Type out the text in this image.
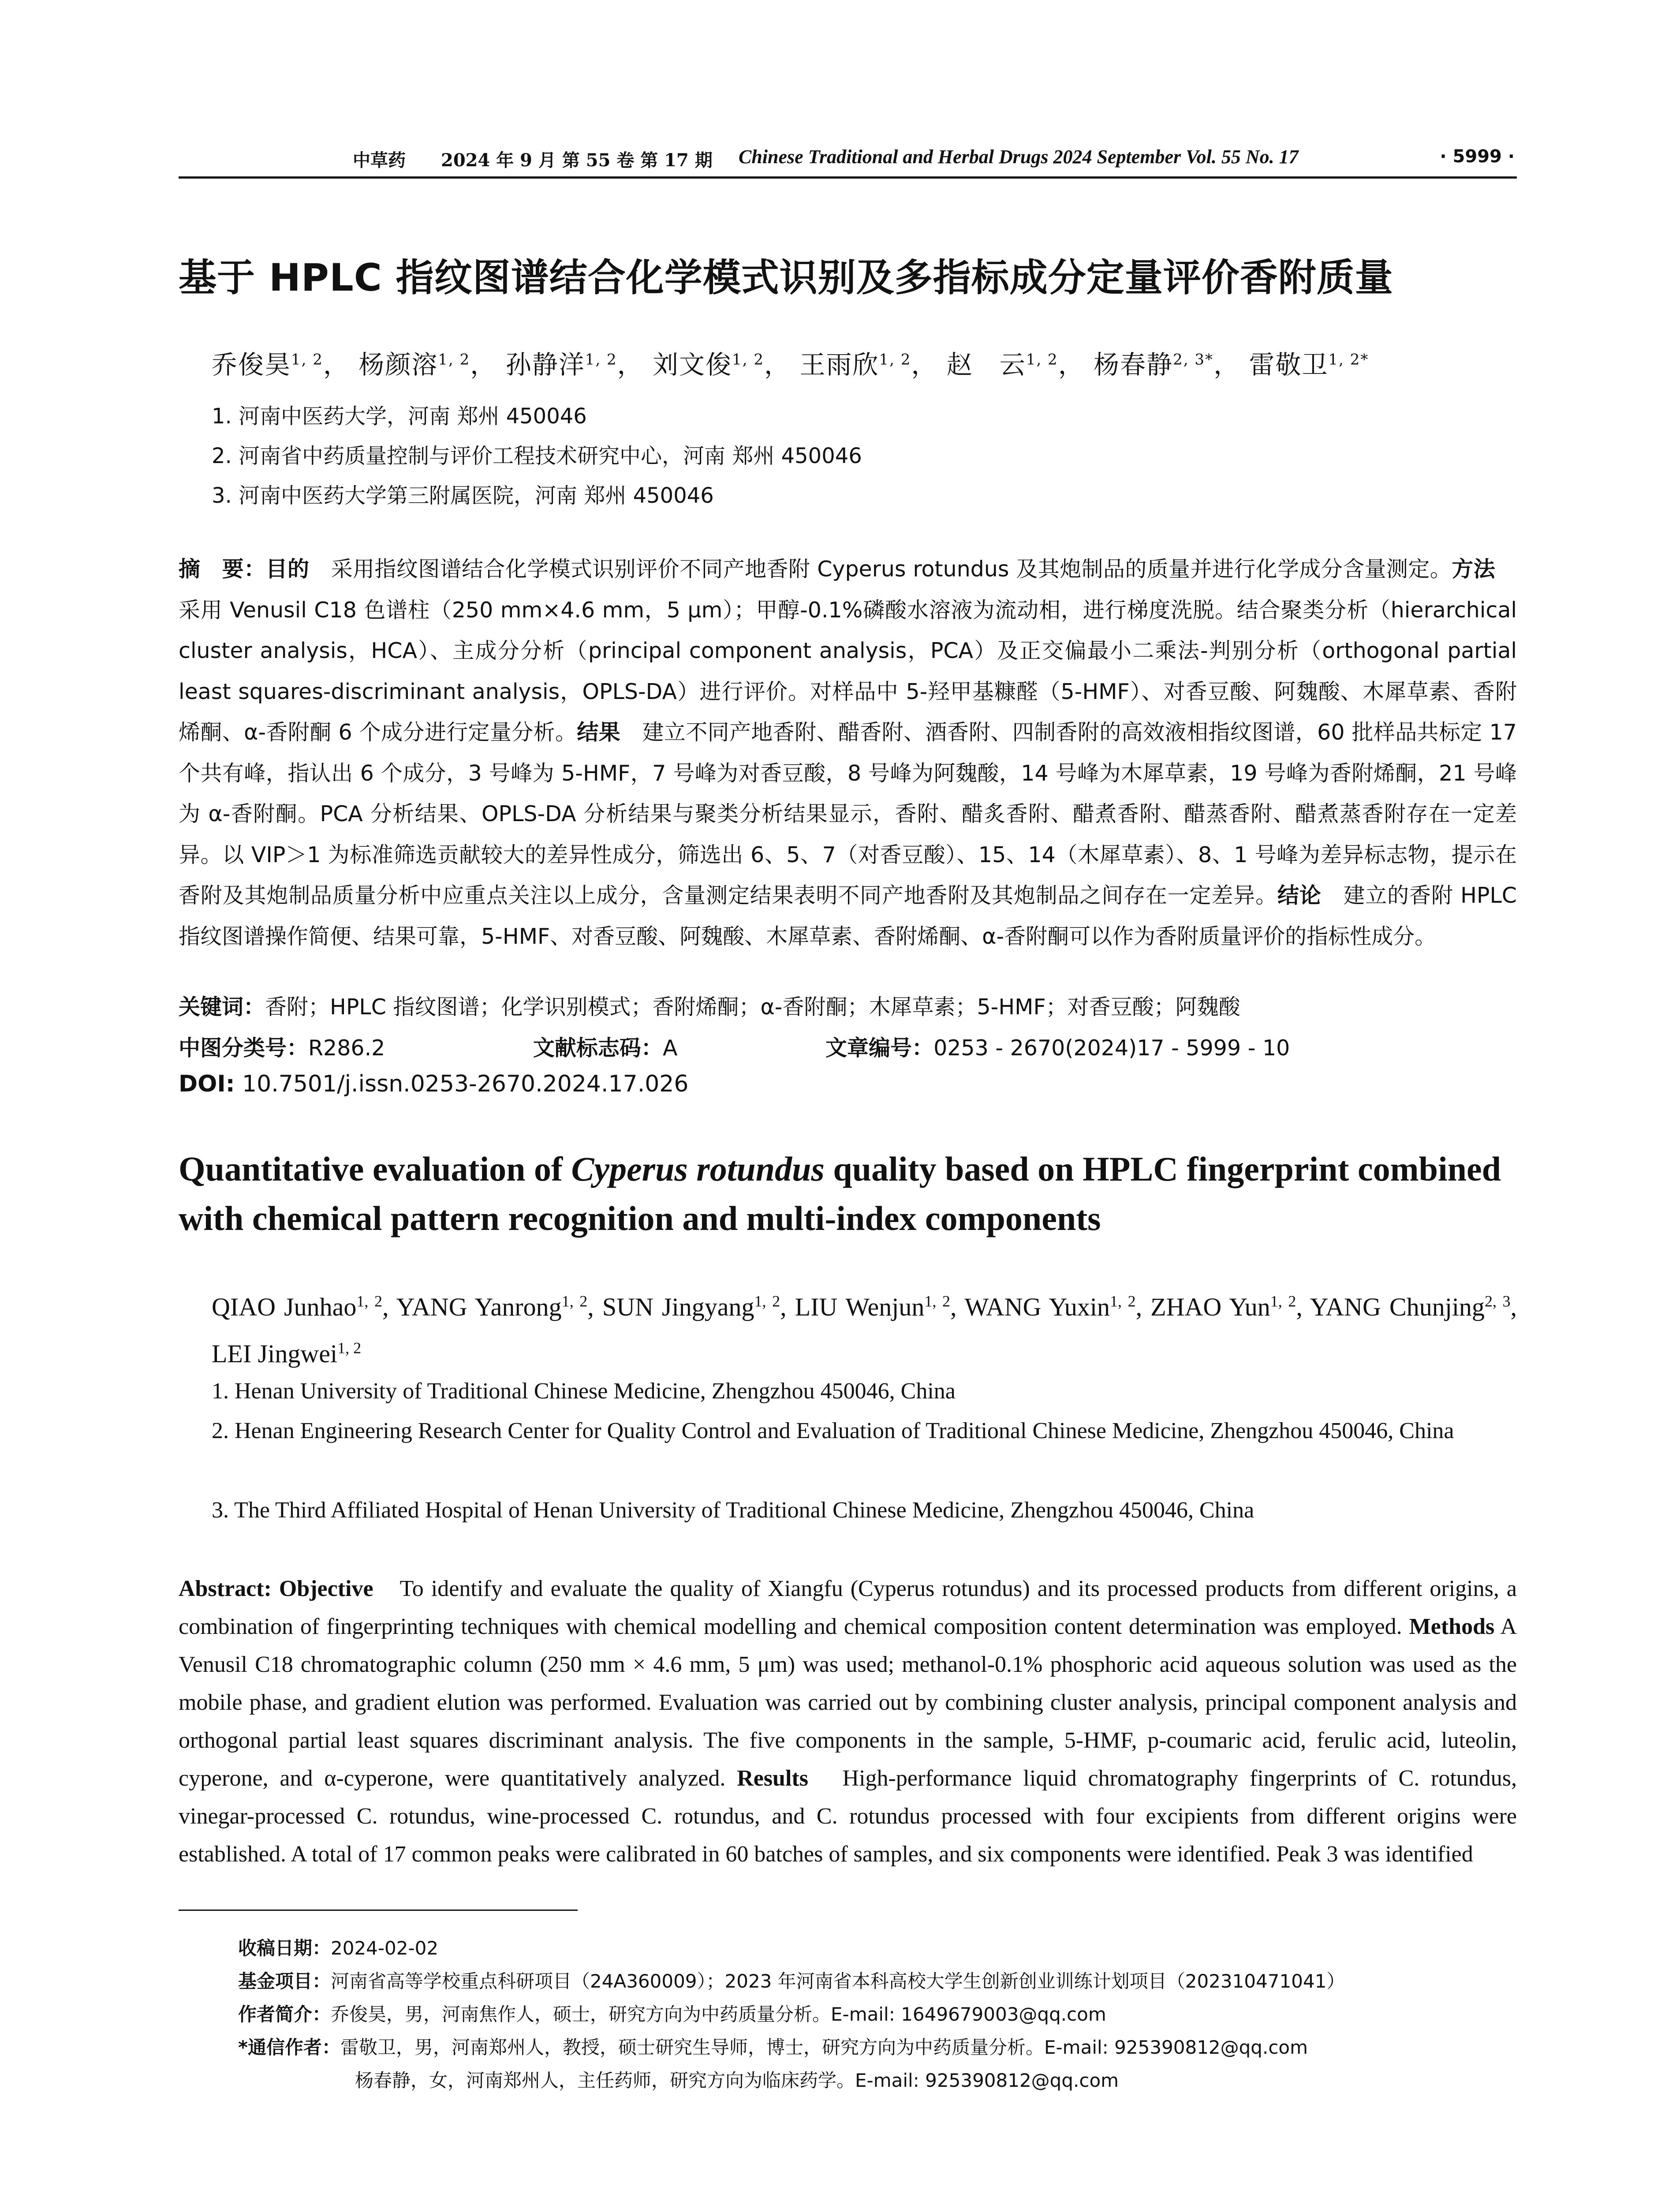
中草药 2024 年 9 月 第 55 卷 第 17 期 Chinese Traditional and Herbal Drugs 2024 September Vol. 55 No. 17	· 5999 ·
基于 HPLC 指纹图谱结合化学模式识别及多指标成分定量评价香附质量
乔俊昊$^{1, 2}$， 杨颜溶$^{1, 2}$， 孙静洋$^{1, 2}$， 刘文俊$^{1, 2}$， 王雨欣$^{1, 2}$， 赵　云$^{1, 2}$， 杨春静$^{2, 3*}$， 雷敬卫$^{1, 2*}$
1. 河南中医药大学，河南 郑州 450046
2. 河南省中药质量控制与评价工程技术研究中心，河南 郑州 450046
3. 河南中医药大学第三附属医院，河南 郑州 450046
摘　要：目的　采用指纹图谱结合化学模式识别评价不同产地香附 Cyperus rotundus 及其炮制品的质量并进行化学成分含量测定。方法　采用 Venusil C18 色谱柱（250 mm×4.6 mm，5 μm）；甲醇-0.1%磷酸水溶液为流动相，进行梯度洗脱。结合聚类分析（hierarchical cluster analysis，HCA）、主成分分析（principal component analysis，PCA）及正交偏最小二乘法-判别分析（orthogonal partial least squares-discriminant analysis，OPLS-DA）进行评价。对样品中 5-羟甲基糠醛（5-HMF）、对香豆酸、阿魏酸、木犀草素、香附烯酮、α-香附酮 6 个成分进行定量分析。结果　建立不同产地香附、醋香附、酒香附、四制香附的高效液相指纹图谱，60 批样品共标定 17 个共有峰，指认出 6 个成分，3 号峰为 5-HMF，7 号峰为对香豆酸，8 号峰为阿魏酸，14 号峰为木犀草素，19 号峰为香附烯酮，21 号峰为 α-香附酮。PCA 分析结果、OPLS-DA 分析结果与聚类分析结果显示，香附、醋炙香附、醋煮香附、醋蒸香附、醋煮蒸香附存在一定差异。以 VIP＞1 为标准筛选贡献较大的差异性成分，筛选出 6、5、7（对香豆酸）、15、14（木犀草素）、8、1 号峰为差异标志物，提示在香附及其炮制品质量分析中应重点关注以上成分，含量测定结果表明不同产地香附及其炮制品之间存在一定差异。结论　建立的香附 HPLC 指纹图谱操作简便、结果可靠，5-HMF、对香豆酸、阿魏酸、木犀草素、香附烯酮、α-香附酮可以作为香附质量评价的指标性成分。
关键词：香附；HPLC 指纹图谱；化学识别模式；香附烯酮；α-香附酮；木犀草素；5-HMF；对香豆酸；阿魏酸
中图分类号：R286.2	文献标志码：A	文章编号：0253 - 2670(2024)17 - 5999 - 10
DOI: 10.7501/j.issn.0253-2670.2024.17.026
Quantitative evaluation of Cyperus rotundus quality based on HPLC fingerprint combined with chemical pattern recognition and multi-index components
QIAO Junhao$^{1, 2}$, YANG Yanrong$^{1, 2}$, SUN Jingyang$^{1, 2}$, LIU Wenjun$^{1, 2}$, WANG Yuxin$^{1, 2}$, ZHAO Yun$^{1, 2}$, YANG Chunjing$^{2, 3}$, LEI Jingwei$^{1, 2}$
1. Henan University of Traditional Chinese Medicine, Zhengzhou 450046, China
2. Henan Engineering Research Center for Quality Control and Evaluation of Traditional Chinese Medicine, Zhengzhou 450046, China
3. The Third Affiliated Hospital of Henan University of Traditional Chinese Medicine, Zhengzhou 450046, China
Abstract: Objective　To identify and evaluate the quality of Xiangfu (Cyperus rotundus) and its processed products from different origins, a combination of fingerprinting techniques with chemical modelling and chemical composition content determination was employed. Methods A Venusil C18 chromatographic column (250 mm × 4.6 mm, 5 μm) was used; methanol-0.1% phosphoric acid aqueous solution was used as the mobile phase, and gradient elution was performed. Evaluation was carried out by combining cluster analysis, principal component analysis and orthogonal partial least squares discriminant analysis. The five components in the sample, 5-HMF, p-coumaric acid, ferulic acid, luteolin, cyperone, and α-cyperone, were quantitatively analyzed. Results　High-performance liquid chromatography fingerprints of C. rotundus, vinegar-processed C. rotundus, wine-processed C. rotundus, and C. rotundus processed with four excipients from different origins were established. A total of 17 common peaks were calibrated in 60 batches of samples, and six components were identified. Peak 3 was identified
收稿日期：2024-02-02
基金项目：河南省高等学校重点科研项目（24A360009）；2023 年河南省本科高校大学生创新创业训练计划项目（202310471041）
作者简介：乔俊昊，男，河南焦作人，硕士，研究方向为中药质量分析。E-mail: 1649679003@qq.com
*通信作者：雷敬卫，男，河南郑州人，教授，硕士研究生导师，博士，研究方向为中药质量分析。E-mail: 925390812@qq.com
杨春静，女，河南郑州人，主任药师，研究方向为临床药学。E-mail: 925390812@qq.com
